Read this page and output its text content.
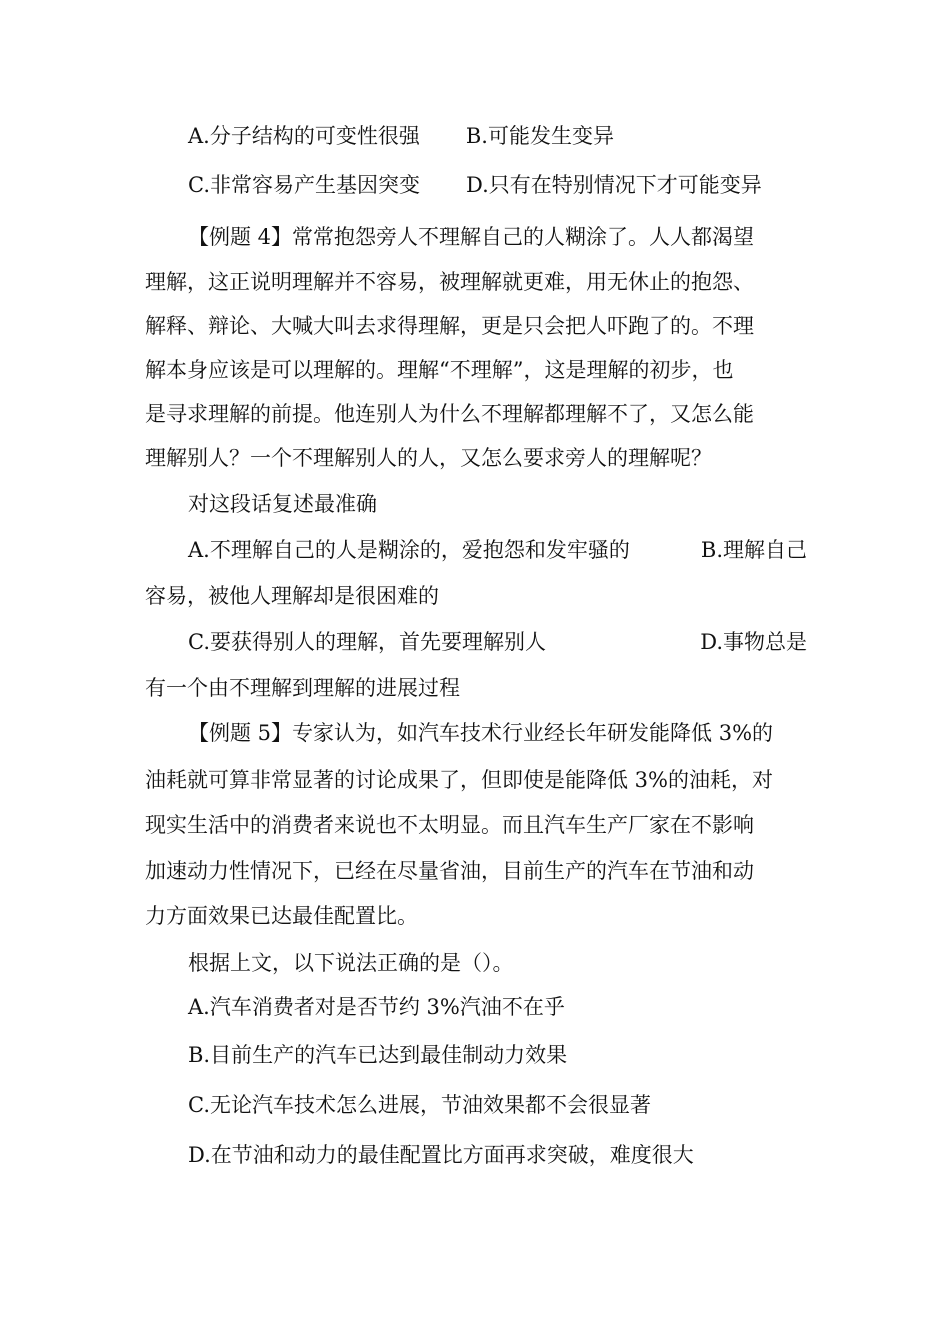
A.分子结构的可变性很强 B.可能发生变异
C.非常容易产生基因突变 D.只有在特别情况下才可能变异
【例题 4】常常抱怨旁人不理解自己的人糊涂了。人人都渴望
理解，这正说明理解并不容易，被理解就更难，用无休止的抱怨、
解释、辩论、大喊大叫去求得理解，更是只会把人吓跑了的。不理
解本身应该是可以理解的。理解“不理解”，这是理解的初步，也
是寻求理解的前提。他连别人为什么不理解都理解不了，又怎么能
理解别人？一个不理解别人的人，又怎么要求旁人的理解呢？
对这段话复述最准确
A.不理解自己的人是糊涂的，爱抱怨和发牢骚的	B.理解自己
容易，被他人理解却是很困难的
C.要获得别人的理解，首先要理解别人	D.事物总是
有一个由不理解到理解的进展过程
【例题 5】专家认为，如汽车技术行业经长年研发能降低 3%的
油耗就可算非常显著的讨论成果了，但即使是能降低 3%的油耗，对
现实生活中的消费者来说也不太明显。而且汽车生产厂家在不影响
加速动力性情况下，已经在尽量省油，目前生产的汽车在节油和动
力方面效果已达最佳配置比。
根据上文，以下说法正确的是（）。
A.汽车消费者对是否节约 3%汽油不在乎
B.目前生产的汽车已达到最佳制动力效果
C.无论汽车技术怎么进展，节油效果都不会很显著
D.在节油和动力的最佳配置比方面再求突破，难度很大
